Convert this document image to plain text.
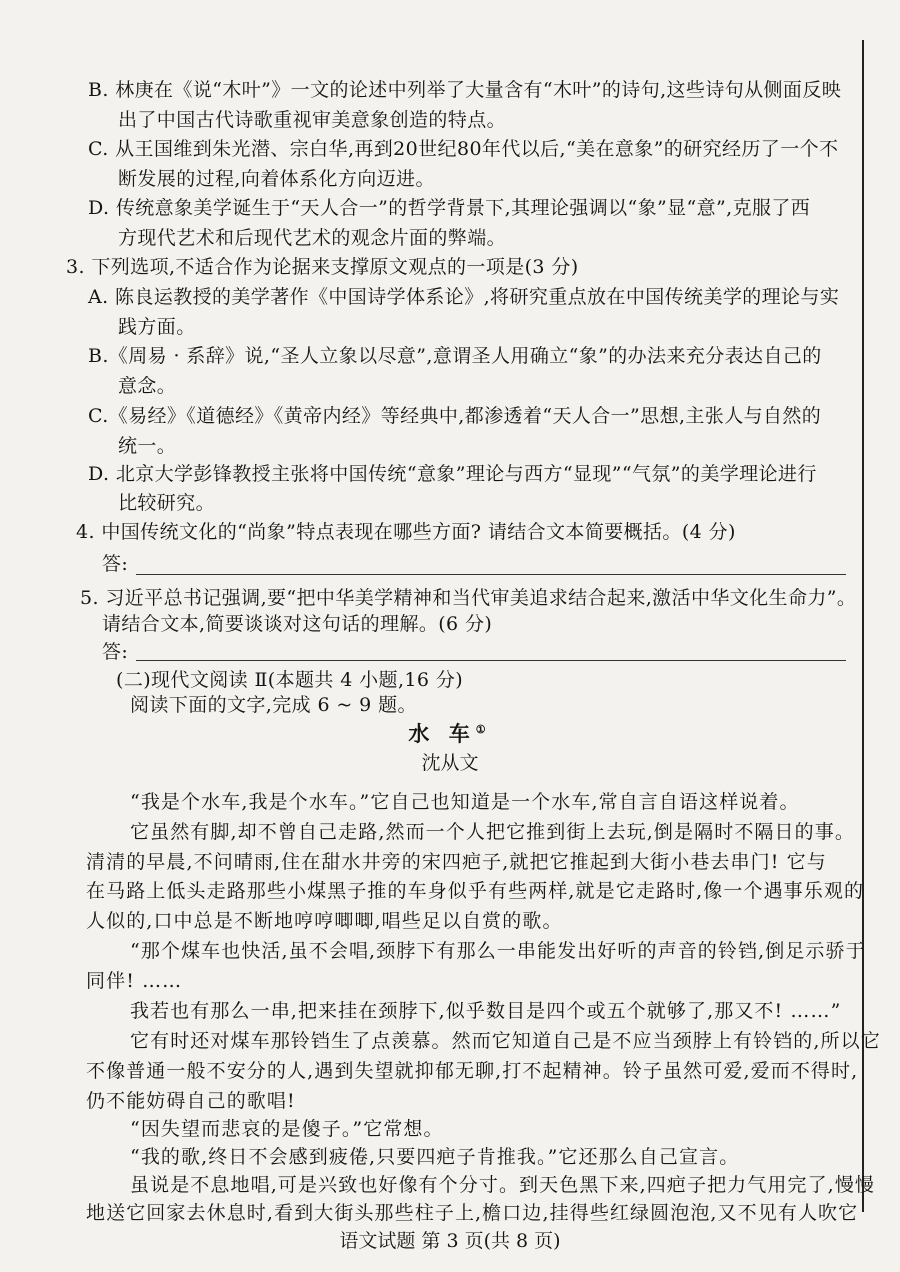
B. 林庚在《说“木叶”》一文的论述中列举了大量含有“木叶”的诗句,这些诗句从侧面反映
出了中国古代诗歌重视审美意象创造的特点。
C. 从王国维到朱光潜、宗白华,再到20世纪80年代以后,“美在意象”的研究经历了一个不
断发展的过程,向着体系化方向迈进。
D. 传统意象美学诞生于“天人合一”的哲学背景下,其理论强调以“象”显“意”,克服了西
方现代艺术和后现代艺术的观念片面的弊端。
3. 下列选项,不适合作为论据来支撑原文观点的一项是(3 分)
A. 陈良运教授的美学著作《中国诗学体系论》,将研究重点放在中国传统美学的理论与实
践方面。
B.《周易 · 系辞》说,“圣人立象以尽意”,意谓圣人用确立“象”的办法来充分表达自己的
意念。
C.《易经》《道德经》《黄帝内经》等经典中,都渗透着“天人合一”思想,主张人与自然的
统一。
D. 北京大学彭锋教授主张将中国传统“意象”理论与西方“显现”“气氛”的美学理论进行
比较研究。
4. 中国传统文化的“尚象”特点表现在哪些方面? 请结合文本简要概括。(4 分)
答:
5. 习近平总书记强调,要“把中华美学精神和当代审美追求结合起来,激活中华文化生命力”。
请结合文本,简要谈谈对这句话的理解。(6 分)
答:
(二)现代文阅读 Ⅱ(本题共 4 小题,16 分)
阅读下面的文字,完成 6 ~ 9 题。
水 车①
沈从文
“我是个水车,我是个水车。”它自己也知道是一个水车,常自言自语这样说着。
它虽然有脚,却不曾自己走路,然而一个人把它推到街上去玩,倒是隔时不隔日的事。
清清的早晨,不问晴雨,住在甜水井旁的宋四疤子,就把它推起到大街小巷去串门! 它与
在马路上低头走路那些小煤黑子推的车身似乎有些两样,就是它走路时,像一个遇事乐观的
人似的,口中总是不断地哼哼唧唧,唱些足以自赏的歌。
“那个煤车也快活,虽不会唱,颈脖下有那么一串能发出好听的声音的铃铛,倒足示骄于
同伴! ……
我若也有那么一串,把来挂在颈脖下,似乎数目是四个或五个就够了,那又不! ……”
它有时还对煤车那铃铛生了点羡慕。然而它知道自己是不应当颈脖上有铃铛的,所以它
不像普通一般不安分的人,遇到失望就抑郁无聊,打不起精神。铃子虽然可爱,爱而不得时,
仍不能妨碍自己的歌唱!
“因失望而悲哀的是傻子。”它常想。
“我的歌,终日不会感到疲倦,只要四疤子肯推我。”它还那么自己宣言。
虽说是不息地唱,可是兴致也好像有个分寸。到天色黑下来,四疤子把力气用完了,慢慢
地送它回家去休息时,看到大街头那些柱子上,檐口边,挂得些红绿圆泡泡,又不见有人吹它
语文试题 第 3 页(共 8 页)
